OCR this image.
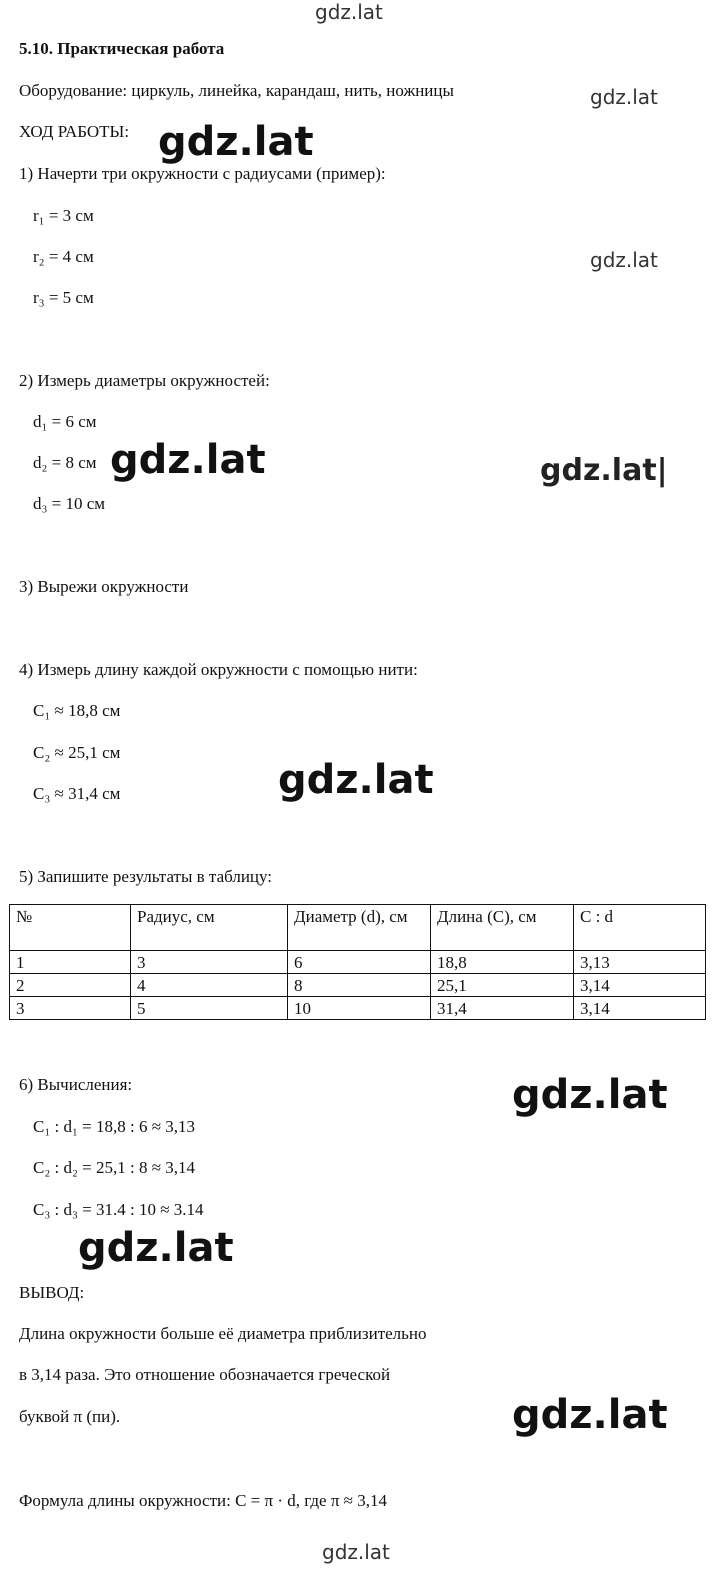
gdz.lat
gdz.lat
gdz.lat
gdz.lat
gdz.lat	gdz.lat|
gdz.lat
gdz.lat
gdz.lat
gdz.lat
gdz.lat
5.10. Практическая работа
Оборудование: циркуль, линейка, карандаш, нить, ножницы
ХОД РАБОТЫ:
1) Начерти три окружности с радиусами (пример):
r₁ = 3 см
r₂ = 4 см
r₃ = 5 см
2) Измерь диаметры окружностей:
d₁ = 6 см
d₂ = 8 см
d₃ = 10 см
3) Вырежи окружности
4) Измерь длину каждой окружности с помощью нити:
C₁ ≈ 18,8 см
C₂ ≈ 25,1 см
C₃ ≈ 31,4 см
5) Запишите результаты в таблицу:
№	Радиус, см	Диаметр (d), см	Длина (C), см	C : d
1	3	6	18,8	3,13
2	4	8	25,1	3,14
3	5	10	31,4	3,14
6) Вычисления:
C₁ : d₁ = 18,8 : 6 ≈ 3,13
C₂ : d₂ = 25,1 : 8 ≈ 3,14
C₃ : d₃ = 31.4 : 10 ≈ 3.14
ВЫВОД:
Длина окружности больше её диаметра приблизительно
в 3,14 раза. Это отношение обозначается греческой
буквой π (пи).
Формула длины окружности: C = π · d, где π ≈ 3,14
